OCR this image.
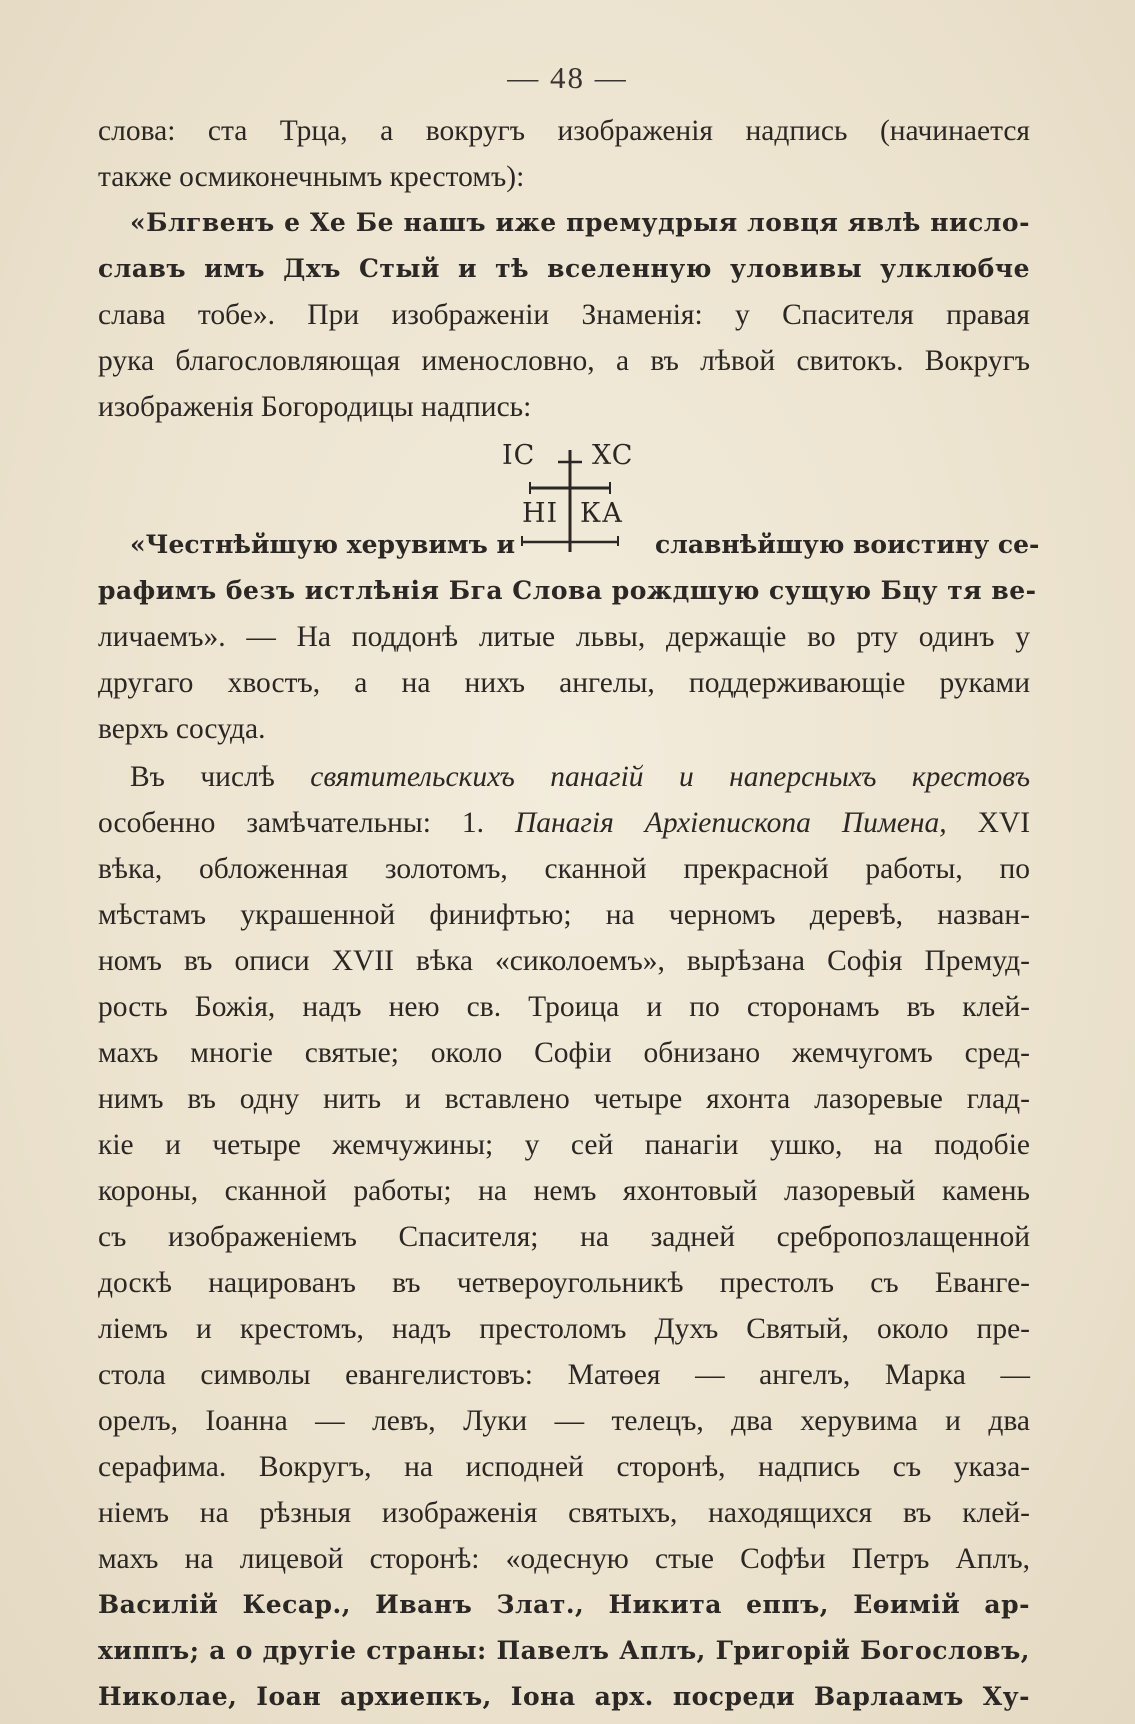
— 48 —
слова: ста Трца, а вокругъ изображенія надпись (начинается
также осмиконечнымъ крестомъ):
«Блгвенъ е Хе Бе нашъ иже премудрыя ловця явлѣ нисло-
славъ имъ Дхъ Стый и тѣ вселенную уловивы улклюбче
слава тобе». При изображеніи Знаменія: у Спасителя правая
рука благословляющая именословно, а въ лѣвой свитокъ. Вокругъ
изображенія Богородицы надпись:
IC XC
НІ КА
«Честнѣйшую херувимъ и	славнѣйшую воистину се-
рафимъ безъ истлѣнія Бга Слова рождшую сущую Бцу тя ве-
личаемъ». — На поддонѣ литые львы, держащіе во рту одинъ у
другаго хвостъ, а на нихъ ангелы, поддерживающіе руками
верхъ сосуда.
Въ числѣ святительскихъ панагій и наперсныхъ крестовъ
особенно замѣчательны: 1. Панагія Архіепископа Пимена, XVI
вѣка, обложенная золотомъ, сканной прекрасной работы, по
мѣстамъ украшенной финифтью; на черномъ деревѣ, назван-
номъ въ описи XVII вѣка «сиколоемъ», вырѣзана Софія Премуд-
рость Божія, надъ нею св. Троица и по сторонамъ въ клей-
махъ многіе святые; около Софіи обнизано жемчугомъ сред-
нимъ въ одну нить и вставлено четыре яхонта лазоревые глад-
кіе и четыре жемчужины; у сей панагіи ушко, на подобіе
короны, сканной работы; на немъ яхонтовый лазоревый камень
съ изображеніемъ Спасителя; на задней сребропозлащенной
доскѣ нацированъ въ четвероугольникѣ престолъ съ Еванге-
ліемъ и крестомъ, надъ престоломъ Духъ Святый, около пре-
стола символы евангелистовъ: Матөея — ангелъ, Марка —
орелъ, Іоанна — левъ, Луки — телецъ, два херувима и два
серафима. Вокругъ, на исподней сторонѣ, надпись съ указа-
ніемъ на рѣзныя изображенія святыхъ, находящихся въ клей-
махъ на лицевой сторонѣ: «одесную стые Софѣи Петръ Аплъ,
Василій Кесар., Иванъ Злат., Никита еппъ, Еөимій ар-
хиппъ; а о другіе страны: Павелъ Аплъ, Григорій Богословъ,
Николае, Іоан архиепкъ, Іона арх. посреди Варлаамъ Ху-
